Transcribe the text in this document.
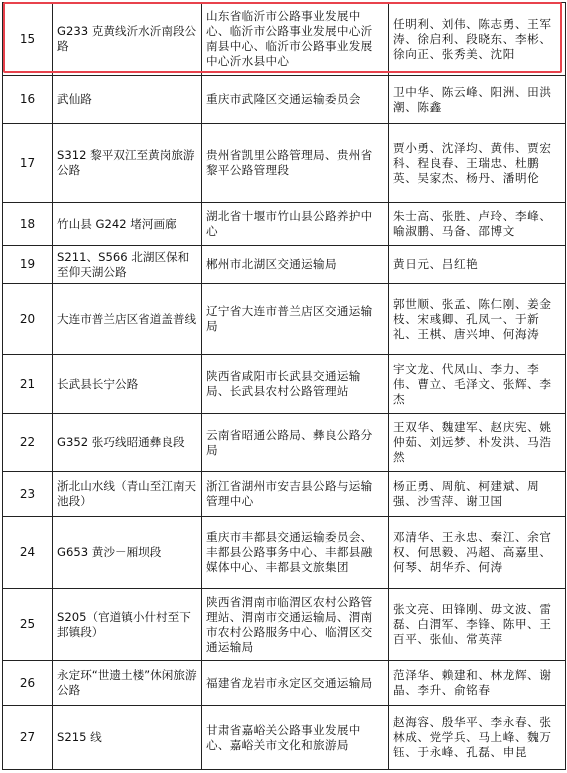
15	G233 克黄线沂水沂南段公路	山东省临沂市公路事业发展中心、临沂市公路事业发展中心沂南县中心、临沂市公路事业发展中心沂水县中心	任明利、刘伟、陈志勇、王军涛、徐启利、段晓东、李彬、徐向正、张秀美、沈阳
16	武仙路	重庆市武隆区交通运输委员会	卫中华、陈云峰、阳洲、田洪潮、陈鑫
17	S312 黎平双江至黄岗旅游公路	贵州省凯里公路管理局、贵州省黎平公路管理段	贾小勇、沈泽均、黄伟、贾宏科、程良春、王瑞忠、杜鹏英、吴家杰、杨丹、潘明伦
18	竹山县 G242 堵河画廊	湖北省十堰市竹山县公路养护中心	朱士高、张胜、卢玲、李峰、喻淑鹏、马备、邵博文
19	S211、S566 北湖区保和至仰天湖公路	郴州市北湖区交通运输局	黄日元、吕红艳
20	大连市普兰店区省道盖普线	辽宁省大连市普兰店区交通运输局	郭世顺、张孟、陈仁刚、姜金枝、宋彧卿、孔凤一、于新礼、王棋、唐兴坤、何海涛
21	长武县长宁公路	陕西省咸阳市长武县交通运输局、长武县农村公路管理站	宇文龙、代凤山、李力、李伟、曹立、毛泽文、张辉、李杰
22	G352 张巧线昭通彝良段	云南省昭通公路局、彝良公路分局	王双华、魏建军、赵庆宪、姚仲茹、刘远梦、朴发洪、马浩然
23	浙北山水线（青山至江南天池段）	浙江省湖州市安吉县公路与运输管理中心	杨正勇、周航、柯建斌、周强、沙雪萍、谢卫国
24	G653 黄沙－厢坝段	重庆市丰都县交通运输委员会、丰都县公路事务中心、丰都县融媒体中心、丰都县文旅集团	邓清华、王永忠、秦江、余官权、何思毅、冯超、高嘉里、何琴、胡华乔、何涛
25	S205（官道镇小什村至下邽镇段）	陕西省渭南市临渭区农村公路管理站、渭南市交通运输局、渭南市农村公路服务中心、临渭区交通运输局	张文亮、田锋刚、毋文波、雷磊、白渭军、李锋、陈甲、王百平、张仙、常英萍
26	永定环“世遗土楼”休闲旅游公路	福建省龙岩市永定区交通运输局	范泽华、赖建和、林龙辉、谢晶、李升、俞铭春
27	S215 线	甘肃省嘉峪关公路事业发展中心、嘉峪关市文化和旅游局	赵海容、殷华平、李永春、张林成、党学兵、马上峰、魏万钰、于永峰、孔磊、申昆
